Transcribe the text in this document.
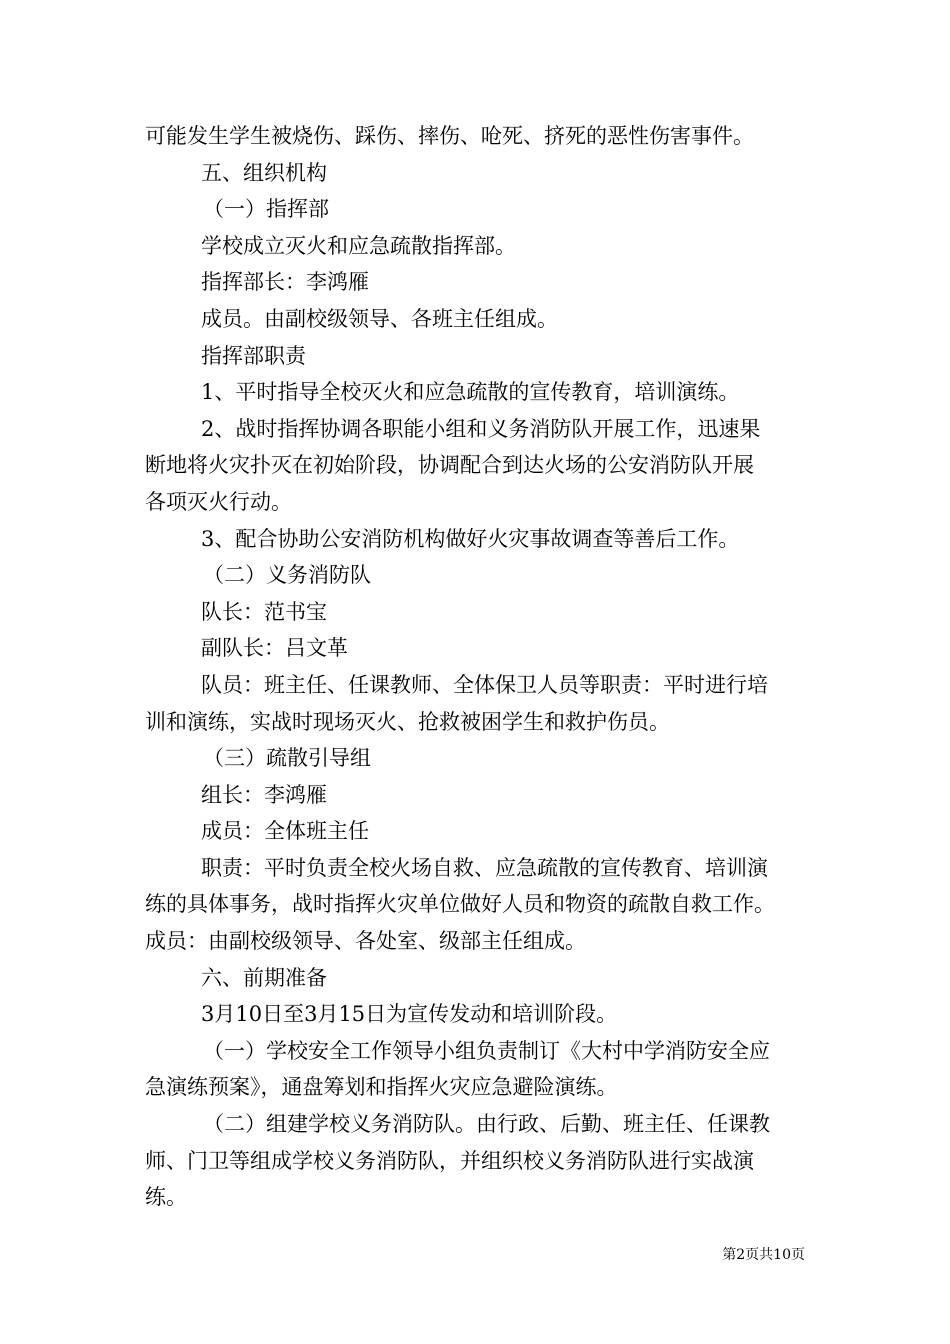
可能发生学生被烧伤、踩伤、摔伤、呛死、挤死的恶性伤害事件。
五、组织机构
（一）指挥部
学校成立灭火和应急疏散指挥部。
指挥部长：李鸿雁
成员。由副校级领导、各班主任组成。
指挥部职责
1、平时指导全校灭火和应急疏散的宣传教育，培训演练。
2、战时指挥协调各职能小组和义务消防队开展工作，迅速果
断地将火灾扑灭在初始阶段，协调配合到达火场的公安消防队开展
各项灭火行动。
3、配合协助公安消防机构做好火灾事故调查等善后工作。
（二）义务消防队
队长：范书宝
副队长：吕文革
队员：班主任、任课教师、全体保卫人员等职责：平时进行培
训和演练，实战时现场灭火、抢救被困学生和救护伤员。
（三）疏散引导组
组长：李鸿雁
成员：全体班主任
职责：平时负责全校火场自救、应急疏散的宣传教育、培训演
练的具体事务，战时指挥火灾单位做好人员和物资的疏散自救工作。
成员：由副校级领导、各处室、级部主任组成。
六、前期准备
3月10日至3月15日为宣传发动和培训阶段。
（一）学校安全工作领导小组负责制订《大村中学消防安全应
急演练预案》，通盘筹划和指挥火灾应急避险演练。
（二）组建学校义务消防队。由行政、后勤、班主任、任课教
师、门卫等组成学校义务消防队，并组织校义务消防队进行实战演
练。
第2页共10页
